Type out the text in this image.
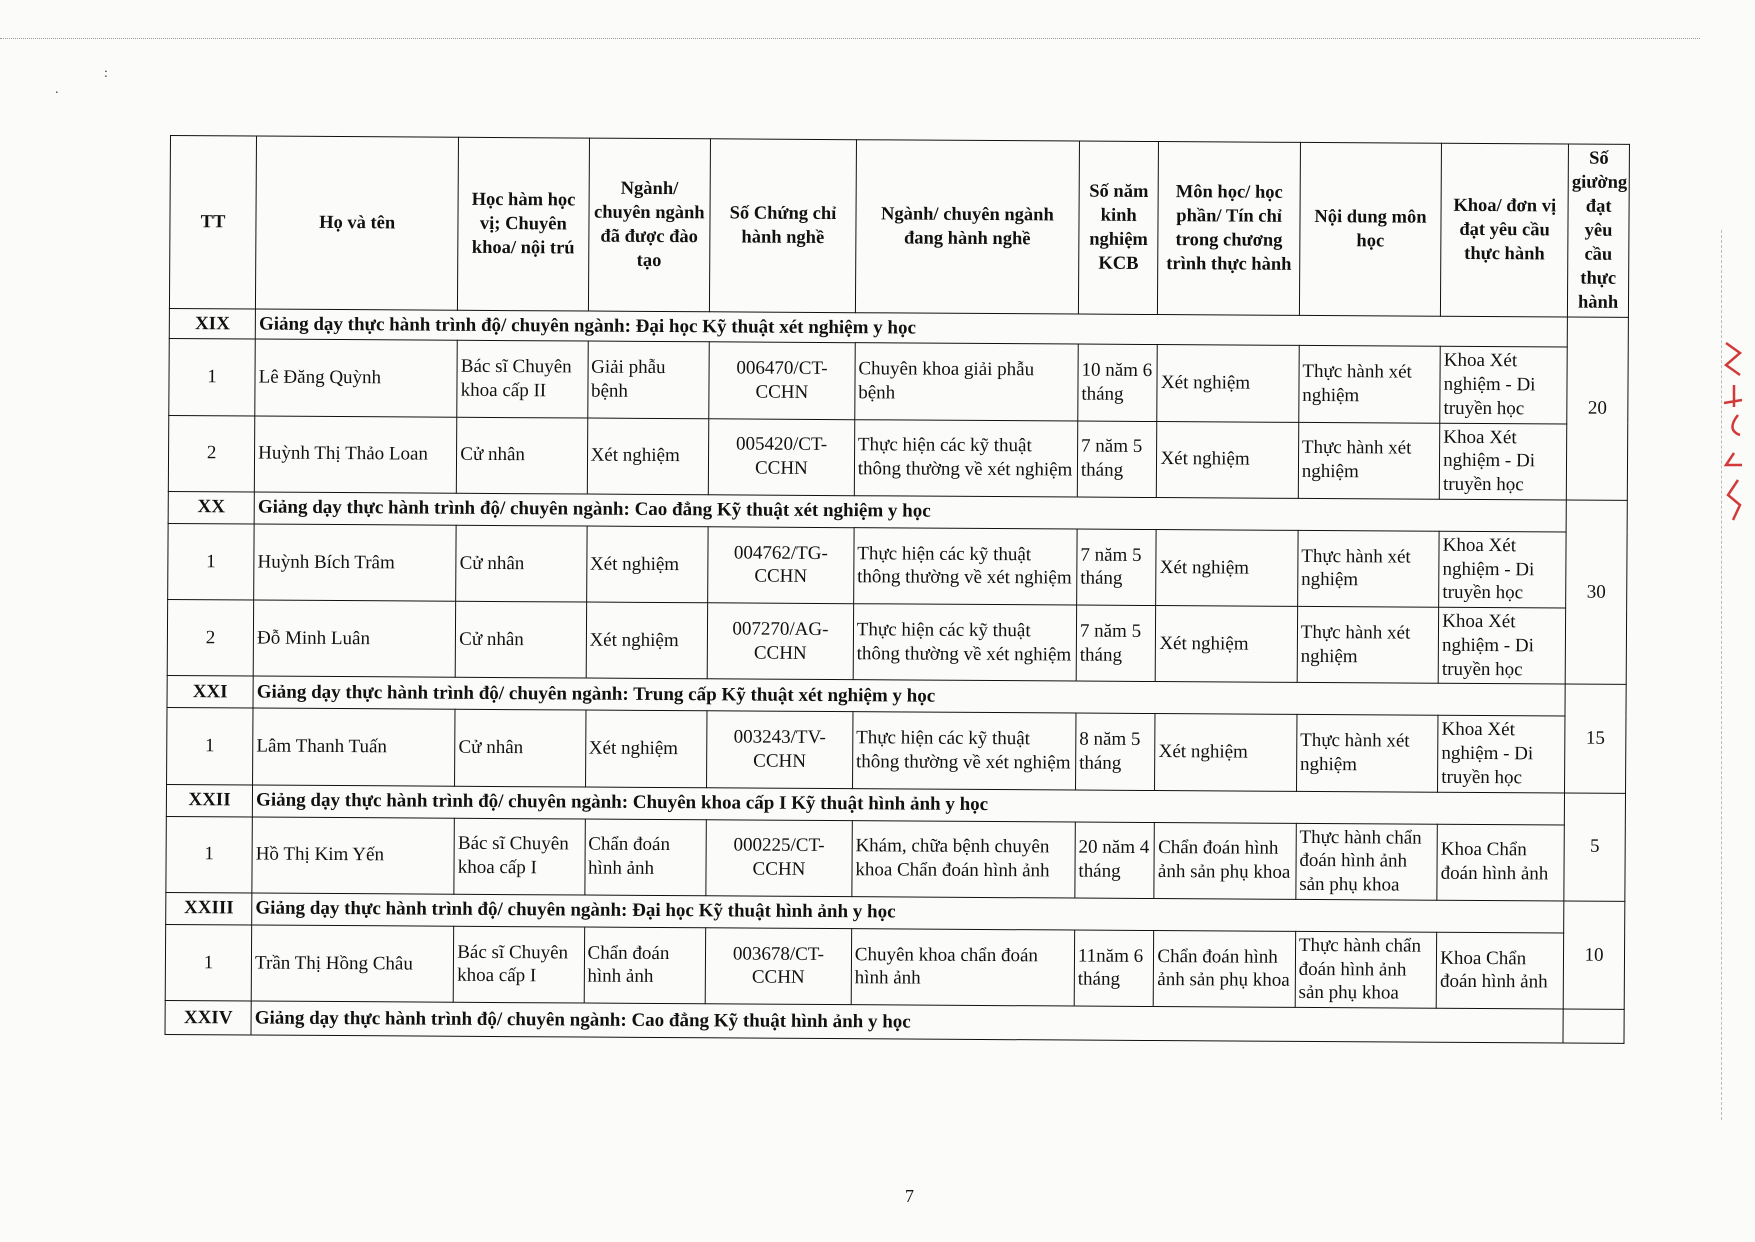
.
:
TT	Họ và tên	Học hàm học vị; Chuyên khoa/ nội trú	Ngành/ chuyên ngành đã được đào tạo	Số Chứng chỉ hành nghề	Ngành/ chuyên ngành đang hành nghề	Số năm kinh nghiệm KCB	Môn học/ học phần/ Tín chỉ trong chương trình thực hành	Nội dung môn học	Khoa/ đơn vị đạt yêu cầu thực hành	Số giường đạt yêu cầu thực hành
XIX	Giảng dạy thực hành trình độ/ chuyên ngành: Đại học Kỹ thuật xét nghiệm y học									20
1	Lê Đăng Quỳnh	Bác sĩ Chuyên khoa cấp II	Giải phẫu bệnh	006470/CT-CCHN	Chuyên khoa giải phẫu bệnh	10 năm 6 tháng	Xét nghiệm	Thực hành xét nghiệm	Khoa Xét nghiệm - Di truyền học	
2	Huỳnh Thị Thảo Loan	Cử nhân	Xét nghiệm	005420/CT-CCHN	Thực hiện các kỹ thuật thông thường về xét nghiệm	7 năm 5 tháng	Xét nghiệm	Thực hành xét nghiệm	Khoa Xét nghiệm - Di truyền học	
XX	Giảng dạy thực hành trình độ/ chuyên ngành: Cao đẳng Kỹ thuật xét nghiệm y học									30
1	Huỳnh Bích Trâm	Cử nhân	Xét nghiệm	004762/TG-CCHN	Thực hiện các kỹ thuật thông thường về xét nghiệm	7 năm 5 tháng	Xét nghiệm	Thực hành xét nghiệm	Khoa Xét nghiệm - Di truyền học	
2	Đỗ Minh Luân	Cử nhân	Xét nghiệm	007270/AG-CCHN	Thực hiện các kỹ thuật thông thường về xét nghiệm	7 năm 5 tháng	Xét nghiệm	Thực hành xét nghiệm	Khoa Xét nghiệm - Di truyền học	
XXI	Giảng dạy thực hành trình độ/ chuyên ngành: Trung cấp Kỹ thuật xét nghiệm y học									15
1	Lâm Thanh Tuấn	Cử nhân	Xét nghiệm	003243/TV-CCHN	Thực hiện các kỹ thuật thông thường về xét nghiệm	8 năm 5 tháng	Xét nghiệm	Thực hành xét nghiệm	Khoa Xét nghiệm - Di truyền học	
XXII	Giảng dạy thực hành trình độ/ chuyên ngành: Chuyên khoa cấp I Kỹ thuật hình ảnh y học									5
1	Hồ Thị Kim Yến	Bác sĩ Chuyên khoa cấp I	Chẩn đoán hình ảnh	000225/CT-CCHN	Khám, chữa bệnh chuyên khoa Chẩn đoán hình ảnh	20 năm 4 tháng	Chẩn đoán hình ảnh sản phụ khoa	Thực hành chẩn đoán hình ảnh sản phụ khoa	Khoa Chẩn đoán hình ảnh	
XXIII	Giảng dạy thực hành trình độ/ chuyên ngành: Đại học Kỹ thuật hình ảnh y học									10
1	Trần Thị Hồng Châu	Bác sĩ Chuyên khoa cấp I	Chẩn đoán hình ảnh	003678/CT-CCHN	Chuyên khoa chẩn đoán hình ảnh	11năm 6 tháng	Chẩn đoán hình ảnh sản phụ khoa	Thực hành chẩn đoán hình ảnh sản phụ khoa	Khoa Chẩn đoán hình ảnh	
XXIV	Giảng dạy thực hành trình độ/ chuyên ngành: Cao đẳng Kỹ thuật hình ảnh y học									
7
